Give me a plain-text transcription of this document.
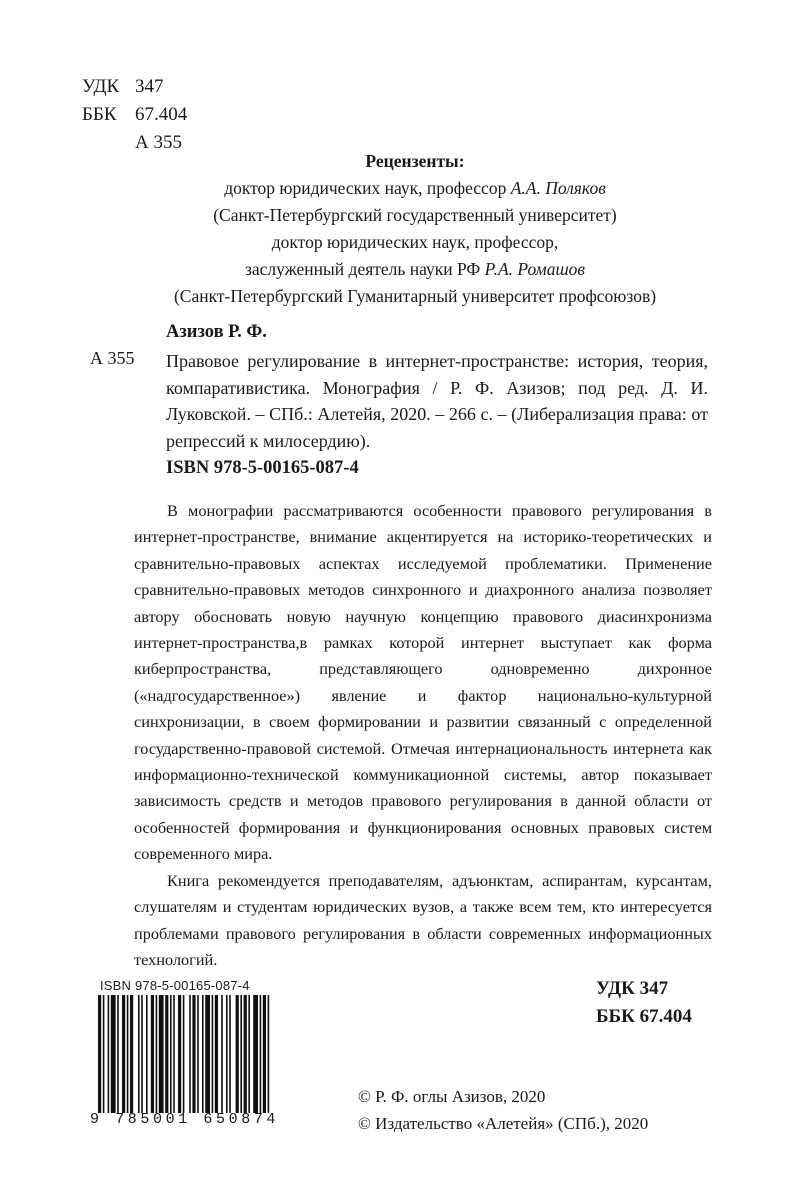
УДК 347
ББК 67.404
А 355
Рецензенты:
доктор юридических наук, профессор А.А. Поляков
(Санкт-Петербургский государственный университет)
доктор юридических наук, профессор,
заслуженный деятель науки РФ Р.А. Ромашов
(Санкт-Петербургский Гуманитарный университет профсоюзов)
Азизов Р. Ф.
А 355 Правовое регулирование в интернет-пространстве: история, теория, компаративистика. Монография / Р. Ф. Азизов; под ред. Д. И. Луковской. – СПб.: Алетейя, 2020. – 266 с. – (Либерализация права: от репрессий к милосердию).
ISBN 978-5-00165-087-4

В монографии рассматриваются особенности правового регулирования в интернет-пространстве, внимание акцентируется на историко-теоретических и сравнительно-правовых аспектах исследуемой проблематики. Применение сравнительно-правовых методов синхронного и диахронного анализа позволяет автору обосновать новую научную концепцию правового диасинхронизма интернет-пространства,в рамках которой интернет выступает как форма киберпространства, представляющего одновременно дихронное («надгосударственное») явление и фактор национально-культурной синхронизации, в своем формировании и развитии связанный с определенной государственно-правовой системой. Отмечая интернациональность интернета как информационно-технической коммуникационной системы, автор показывает зависимость средств и методов правового регулирования в данной области от особенностей формирования и функционирования основных правовых систем современного мира.

Книга рекомендуется преподавателям, адъюнктам, аспирантам, курсантам, слушателям и студентам юридических вузов, а также всем тем, кто интересуется проблемами правового регулирования в области современных информационных технологий.

ISBN 978-5-00165-087-4
9 785001 650874
УДК 347
ББК 67.404
© Р. Ф. оглы Азизов, 2020
© Издательство «Алетейя» (СПб.), 2020
